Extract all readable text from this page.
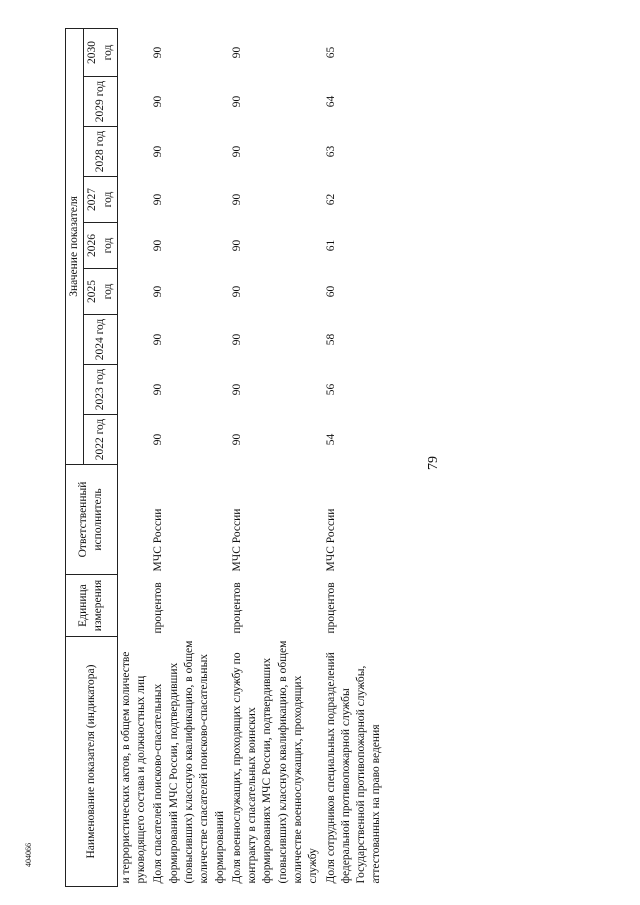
79
404066	Наименование показателя (индикатора)	Единица измерения	Ответственный исполнитель	Значение показателя								
			2022 год	2023 год	2024 год	2025 год	2026 год	2027 год	2028 год	2029 год	2030 год
и террористических актов, в общем количестве руководящего состава и должностных лиц											
Доля спасателей поисково-спасательных формирований МЧС России, подтвердивших (повысивших) классную квалификацию, в общем количестве спасателей поисково-спасательных формирований	процентов	МЧС России	90	90	90	90	90	90	90	90	90
Доля военнослужащих, проходящих службу по контракту в спасательных воинских формированиях МЧС России, подтвердивших (повысивших) классную квалификацию, в общем количестве военнослужащих, проходящих службу	процентов	МЧС России	90	90	90	90	90	90	90	90	90
Доля сотрудников специальных подразделений федеральной противопожарной службы Государственной противопожарной службы, аттестованных на право ведения	процентов	МЧС России	54	56	58	60	61	62	63	64	65
